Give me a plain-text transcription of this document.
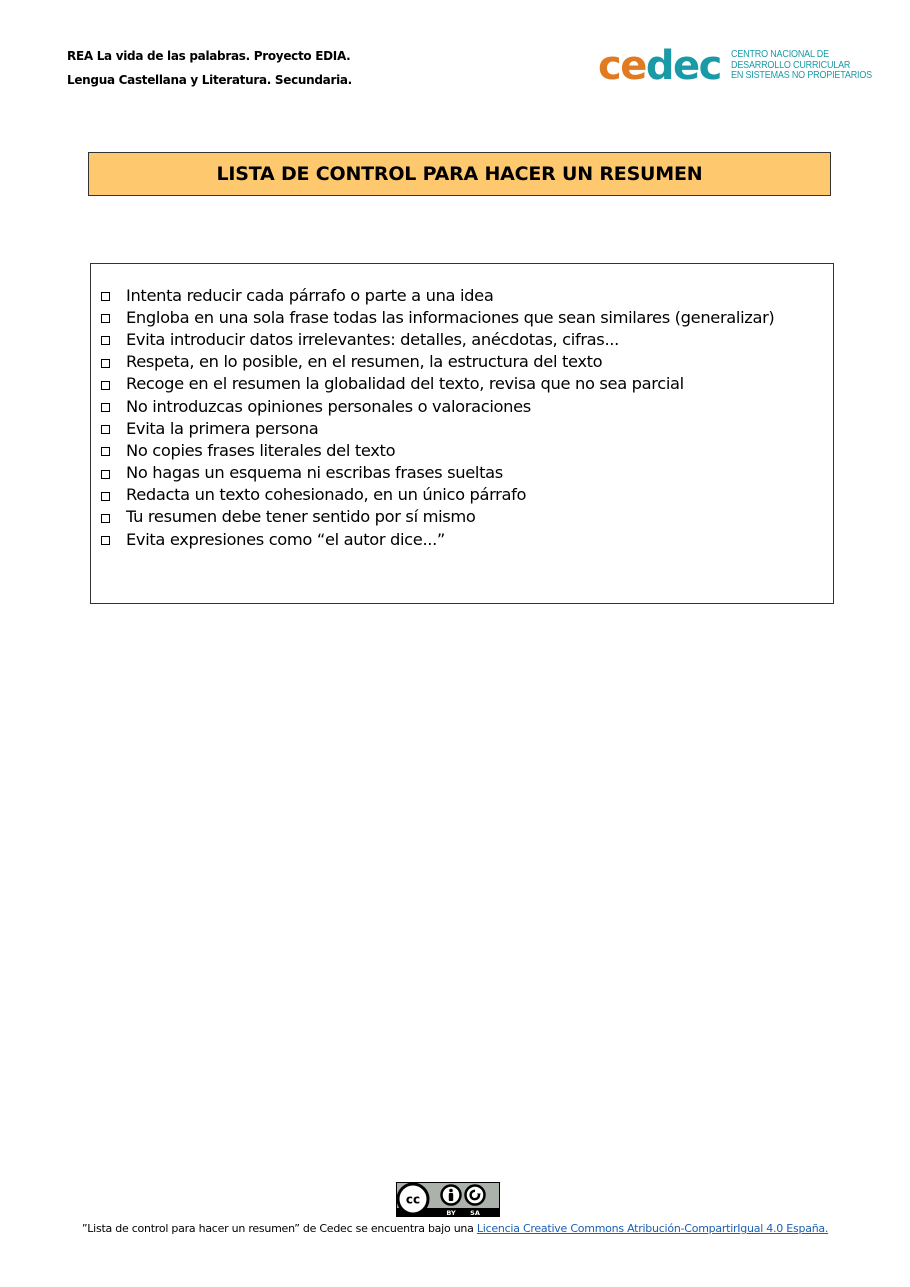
REA La vida de las palabras. Proyecto EDIA.
Lengua Castellana y Literatura. Secundaria.	cedec CENTRO NACIONAL DE
DESARROLLO CURRICULAR
EN SISTEMAS NO PROPIETARIOS
LISTA DE CONTROL PARA HACER UN RESUMEN
Intenta reducir cada párrafo o parte a una idea
Engloba en una sola frase todas las informaciones que sean similares (generalizar)
Evita introducir datos irrelevantes: detalles, anécdotas, cifras...
Respeta, en lo posible, en el resumen, la estructura del texto
Recoge en el resumen la globalidad del texto, revisa que no sea parcial
No introduzcas opiniones personales o valoraciones
Evita la primera persona
No copies frases literales del texto
No hagas un esquema ni escribas frases sueltas
Redacta un texto cohesionado, en un único párrafo
Tu resumen debe tener sentido por sí mismo
Evita expresiones como “el autor dice...”
cc
BY SA
”Lista de control para hacer un resumen” de Cedec se encuentra bajo una Licencia Creative Commons Atribución-CompartirIgual 4.0 España.
